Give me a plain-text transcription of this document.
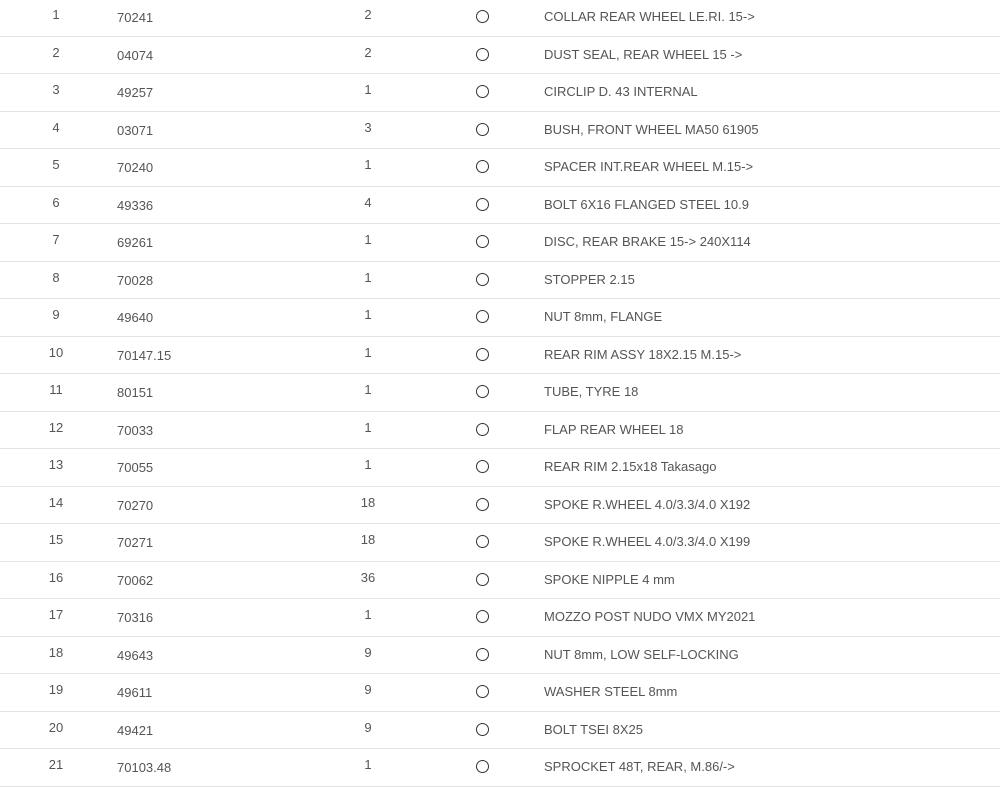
1	70241	2	COLLAR REAR WHEEL LE.RI. 15->
2	04074	2	DUST SEAL, REAR WHEEL 15 ->
3	49257	1	CIRCLIP D. 43 INTERNAL
4	03071	3	BUSH, FRONT WHEEL MA50 61905
5	70240	1	SPACER INT.REAR WHEEL M.15->
6	49336	4	BOLT 6X16 FLANGED STEEL 10.9
7	69261	1	DISC, REAR BRAKE 15-> 240X114
8	70028	1	STOPPER 2.15
9	49640	1	NUT 8mm, FLANGE
10	70147.15	1	REAR RIM ASSY 18X2.15 M.15->
11	80151	1	TUBE, TYRE 18
12	70033	1	FLAP REAR WHEEL 18
13	70055	1	REAR RIM 2.15x18 Takasago
14	70270	18	SPOKE R.WHEEL 4.0/3.3/4.0 X192
15	70271	18	SPOKE R.WHEEL 4.0/3.3/4.0 X199
16	70062	36	SPOKE NIPPLE 4 mm
17	70316	1	MOZZO POST NUDO VMX MY2021
18	49643	9	NUT 8mm, LOW SELF-LOCKING
19	49611	9	WASHER STEEL 8mm
20	49421	9	BOLT TSEI 8X25
21	70103.48	1	SPROCKET 48T, REAR, M.86/->
